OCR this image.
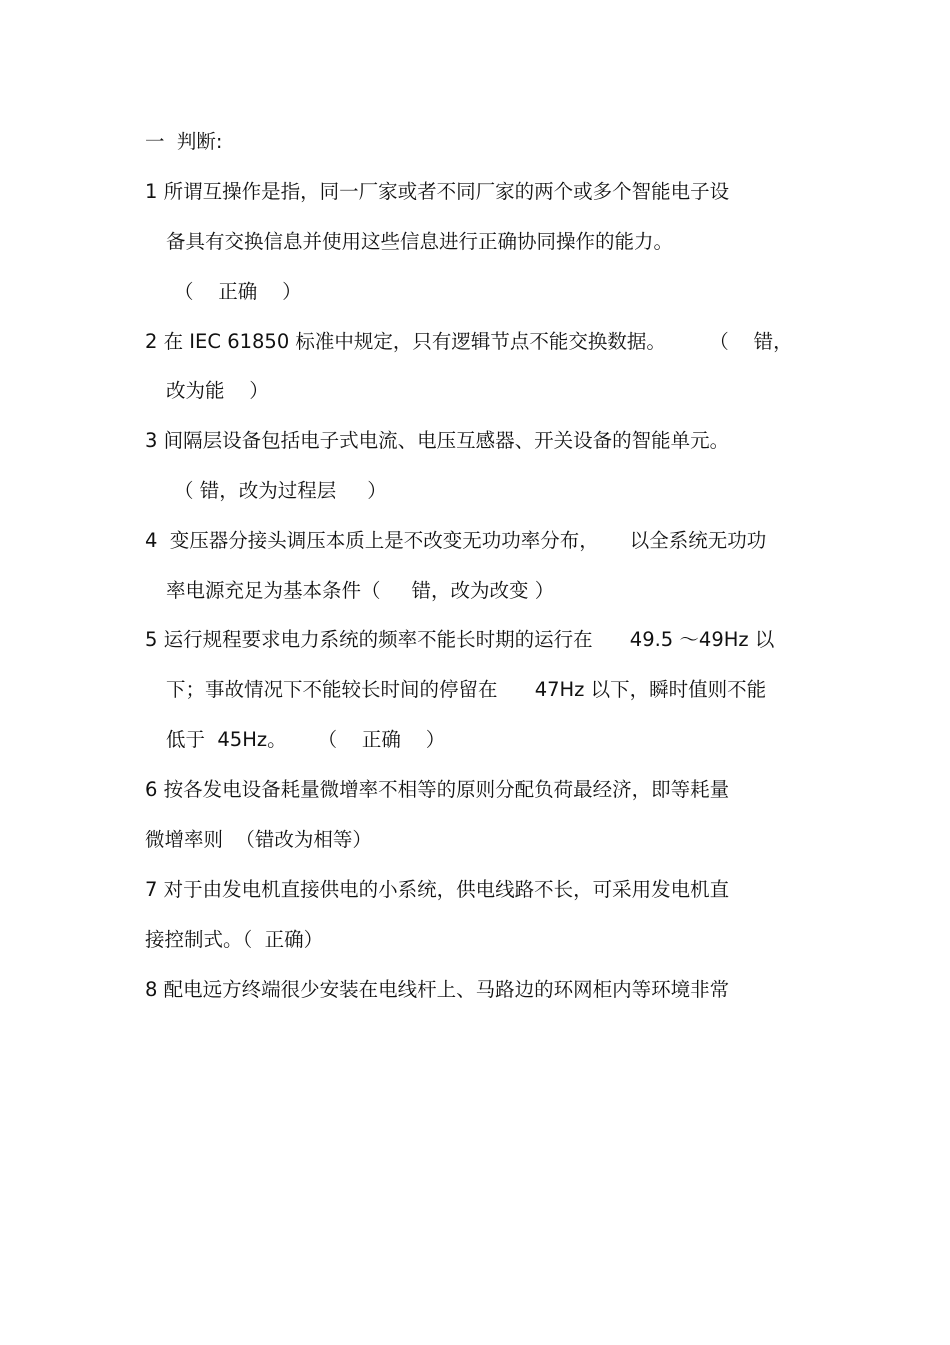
一  判断:
1 所谓互操作是指，同一厂家或者不同厂家的两个或多个智能电子设
备具有交换信息并使用这些信息进行正确协同操作的能力。
（    正确    ）
2 在 IEC 61850 标准中规定，只有逻辑节点不能交换数据。       （    错，
改为能    ）
3 间隔层设备包括电子式电流、电压互感器、开关设备的智能单元。
（ 错，改为过程层     ）
4  变压器分接头调压本质上是不改变无功功率分布，     以全系统无功功
率电源充足为基本条件（     错，改为改变 ）
5 运行规程要求电力系统的频率不能长时期的运行在      49.5 ～49Hz 以
下；事故情况下不能较长时间的停留在      47Hz 以下，瞬时值则不能
低于  45Hz。     （    正确    ）
6 按各发电设备耗量微增率不相等的原则分配负荷最经济，即等耗量
微增率则  （错改为相等）
7 对于由发电机直接供电的小系统，供电线路不长，可采用发电机直
接控制式。（  正确）
8 配电远方终端很少安装在电线杆上、马路边的环网柜内等环境非常
